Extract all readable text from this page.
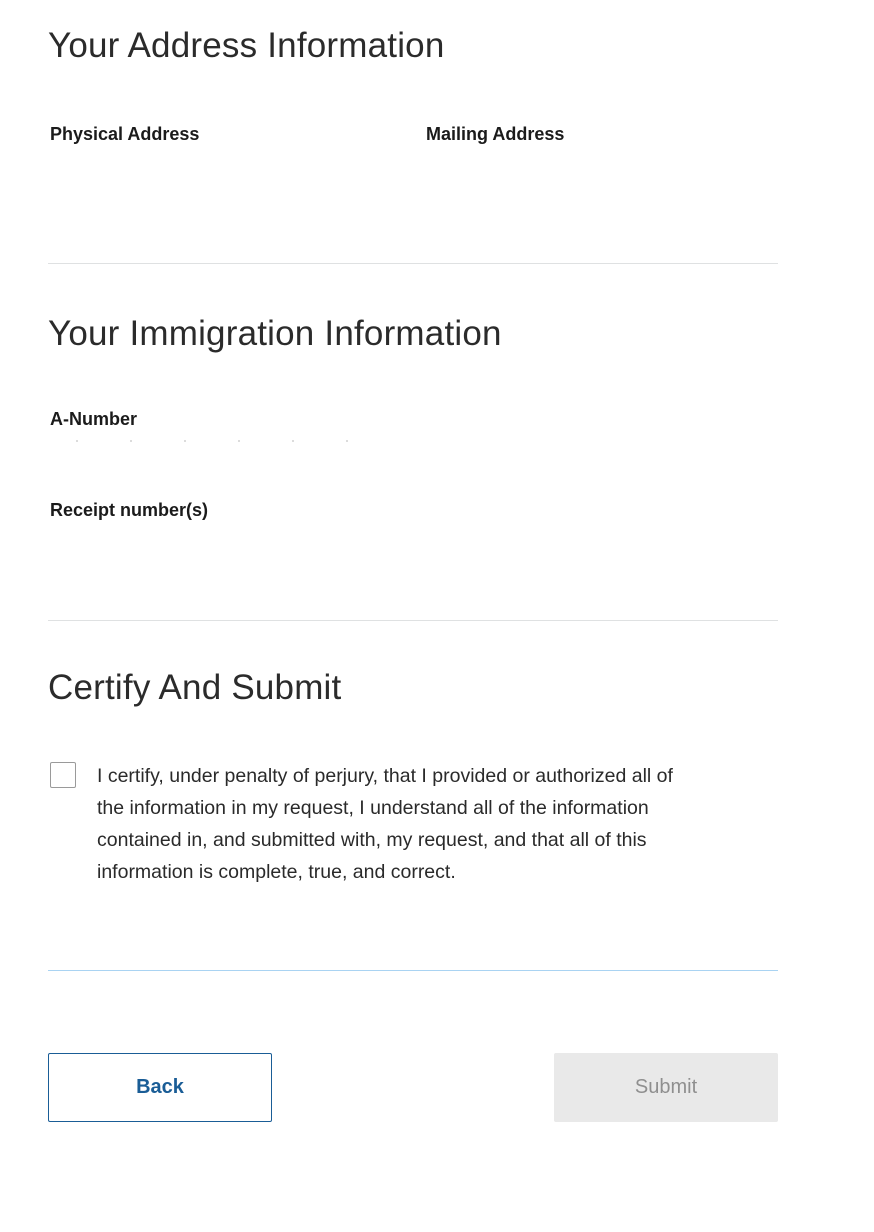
Your Address Information
Physical Address	Mailing Address
Your Immigration Information
A-Number
Receipt number(s)
Certify And Submit
I certify, under penalty of perjury, that I provided or authorized all of
the information in my request, I understand all of the information
contained in, and submitted with, my request, and that all of this
information is complete, true, and correct.
Back	Submit
